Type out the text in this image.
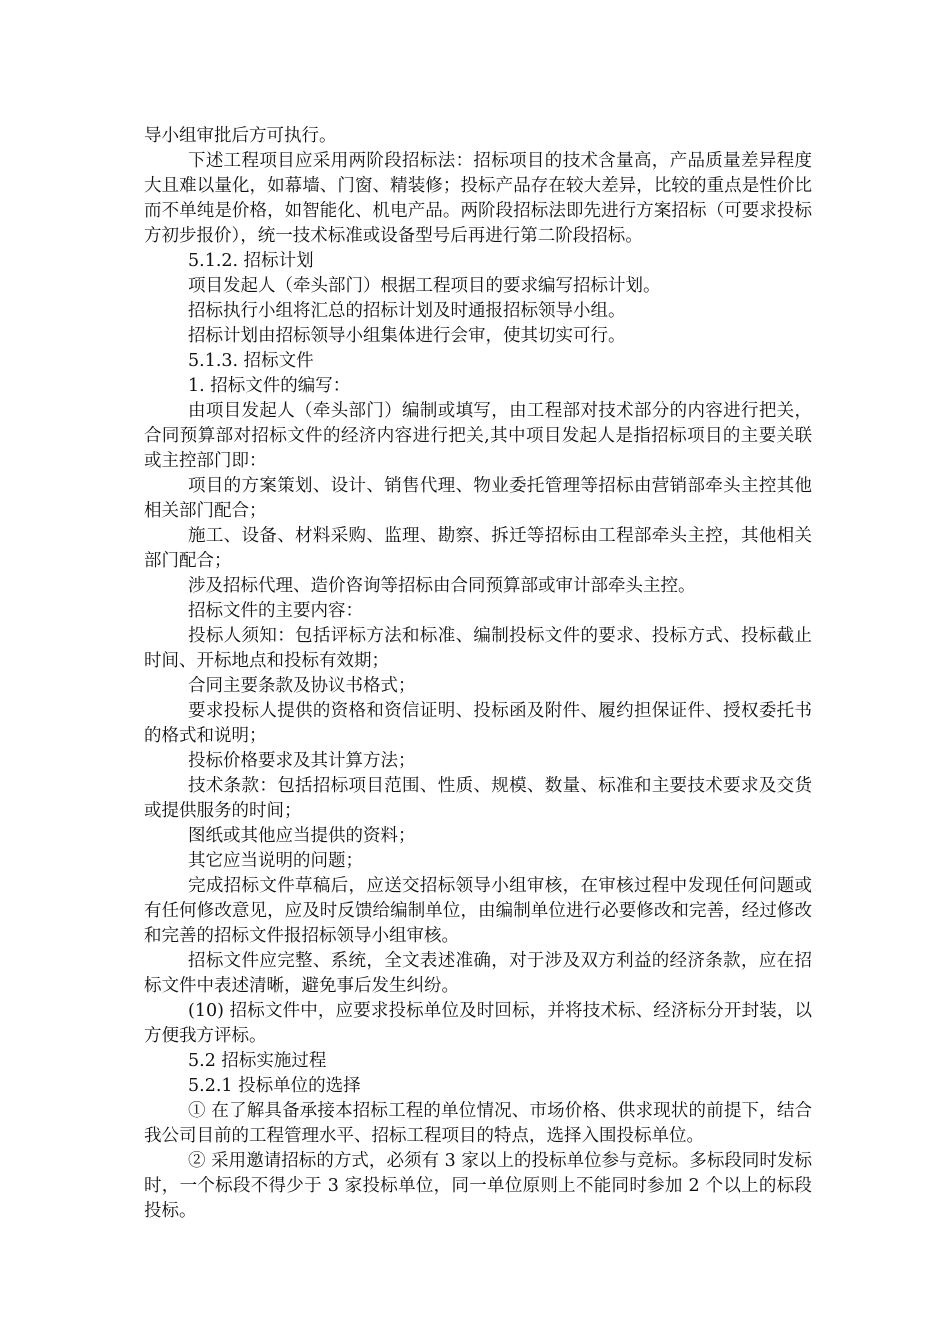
导小组审批后方可执行。

下述工程项目应采用两阶段招标法：招标项目的技术含量高，产品质量差异程度大且难以量化，如幕墙、门窗、精装修；投标产品存在较大差异，比较的重点是性价比而不单纯是价格，如智能化、机电产品。两阶段招标法即先进行方案招标（可要求投标方初步报价），统一技术标准或设备型号后再进行第二阶段招标。

5.1.2. 招标计划

项目发起人（牵头部门）根据工程项目的要求编写招标计划。

招标执行小组将汇总的招标计划及时通报招标领导小组。

招标计划由招标领导小组集体进行会审，使其切实可行。

5.1.3. 招标文件

1. 招标文件的编写：

由项目发起人（牵头部门）编制或填写，由工程部对技术部分的内容进行把关，合同预算部对招标文件的经济内容进行把关,其中项目发起人是指招标项目的主要关联或主控部门即：

项目的方案策划、设计、销售代理、物业委托管理等招标由营销部牵头主控其他相关部门配合；

施工、设备、材料采购、监理、勘察、拆迁等招标由工程部牵头主控，其他相关部门配合；

涉及招标代理、造价咨询等招标由合同预算部或审计部牵头主控。

招标文件的主要内容：

投标人须知：包括评标方法和标准、编制投标文件的要求、投标方式、投标截止时间、开标地点和投标有效期；

合同主要条款及协议书格式；

要求投标人提供的资格和资信证明、投标函及附件、履约担保证件、授权委托书的格式和说明；

投标价格要求及其计算方法；

技术条款：包括招标项目范围、性质、规模、数量、标准和主要技术要求及交货或提供服务的时间；

图纸或其他应当提供的资料；

其它应当说明的问题；

完成招标文件草稿后，应送交招标领导小组审核，在审核过程中发现任何问题或有任何修改意见，应及时反馈给编制单位，由编制单位进行必要修改和完善，经过修改和完善的招标文件报招标领导小组审核。

招标文件应完整、系统，全文表述准确，对于涉及双方利益的经济条款，应在招标文件中表述清晰，避免事后发生纠纷。

(10) 招标文件中，应要求投标单位及时回标，并将技术标、经济标分开封装，以方便我方评标。

5.2 招标实施过程

5.2.1 投标单位的选择

① 在了解具备承接本招标工程的单位情况、市场价格、供求现状的前提下，结合我公司目前的工程管理水平、招标工程项目的特点，选择入围投标单位。

② 采用邀请招标的方式，必须有 3 家以上的投标单位参与竞标。多标段同时发标时，一个标段不得少于 3 家投标单位，同一单位原则上不能同时参加 2 个以上的标段投标。
